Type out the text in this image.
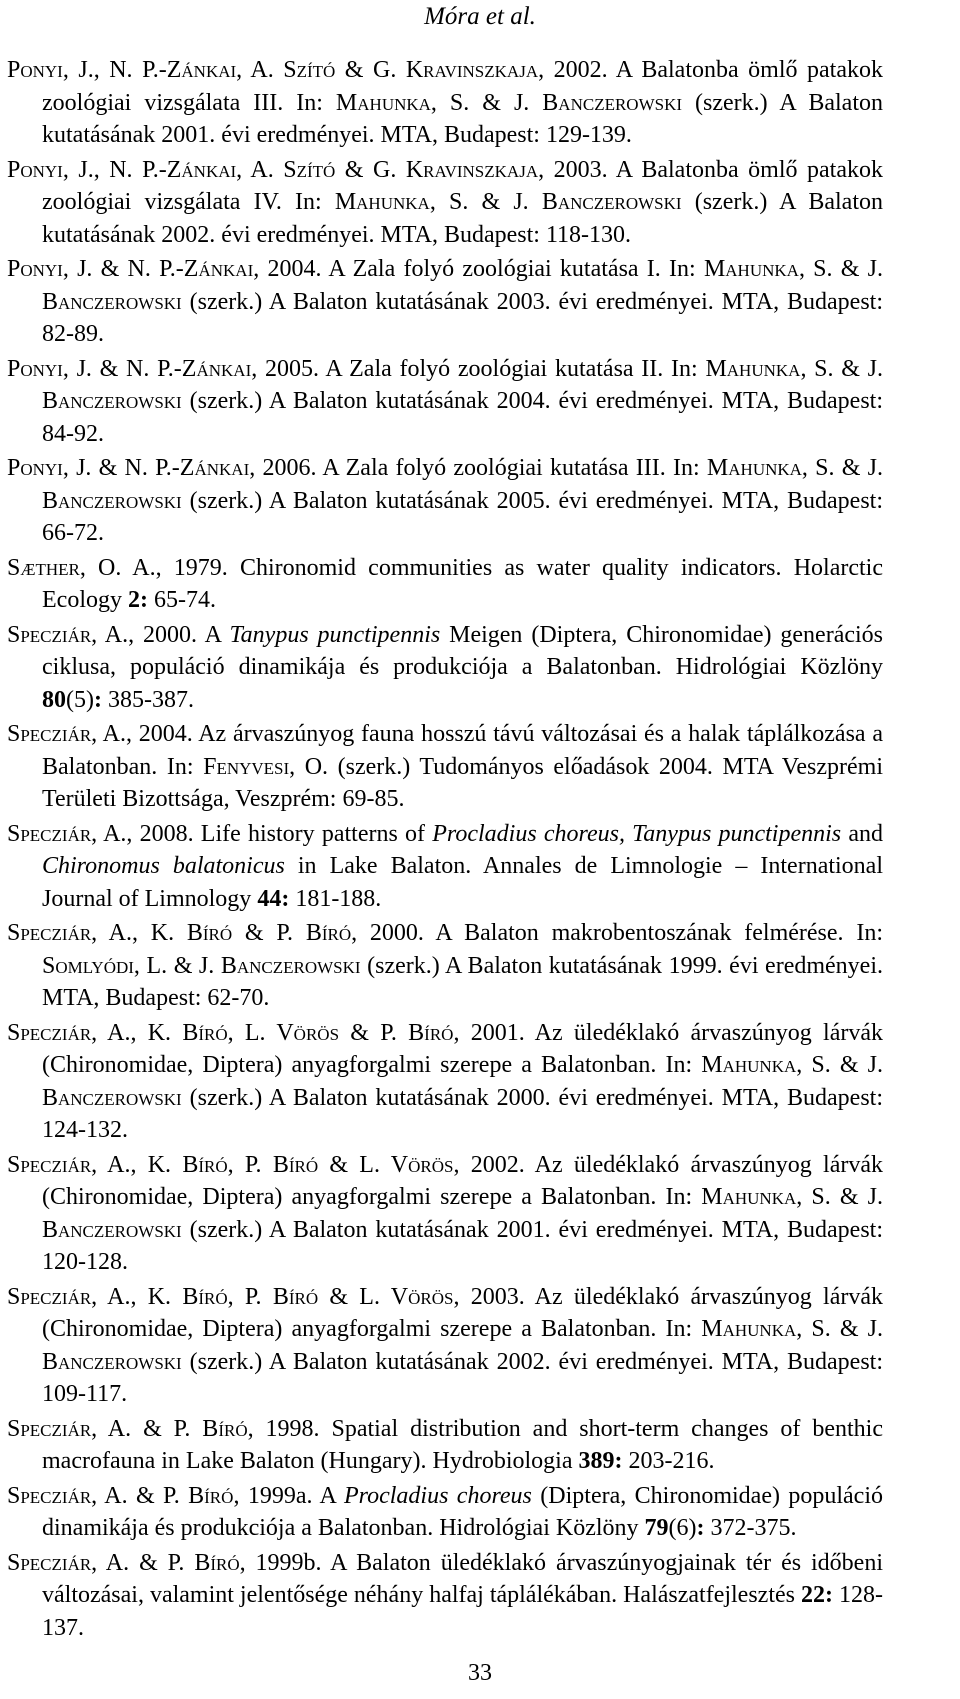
Móra et al.
Ponyi, J., N. P.-Zánkai, A. Szító & G. Kravinszkaja, 2002. A Balatonba ömlő patakok zoológiai vizsgálata III. In: Mahunka, S. & J. Banczerowski (szerk.) A Balaton kutatásának 2001. évi eredményei. MTA, Budapest: 129-139.
Ponyi, J., N. P.-Zánkai, A. Szító & G. Kravinszkaja, 2003. A Balatonba ömlő patakok zoológiai vizsgálata IV. In: Mahunka, S. & J. Banczerowski (szerk.) A Balaton kutatásának 2002. évi eredményei. MTA, Budapest: 118-130.
Ponyi, J. & N. P.-Zánkai, 2004. A Zala folyó zoológiai kutatása I. In: Mahunka, S. & J. Banczerowski (szerk.) A Balaton kutatásának 2003. évi eredményei. MTA, Budapest: 82-89.
Ponyi, J. & N. P.-Zánkai, 2005. A Zala folyó zoológiai kutatása II. In: Mahunka, S. & J. Banczerowski (szerk.) A Balaton kutatásának 2004. évi eredményei. MTA, Budapest: 84-92.
Ponyi, J. & N. P.-Zánkai, 2006. A Zala folyó zoológiai kutatása III. In: Mahunka, S. & J. Banczerowski (szerk.) A Balaton kutatásának 2005. évi eredményei. MTA, Budapest: 66-72.
Sæther, O. A., 1979. Chironomid communities as water quality indicators. Holarctic Ecology 2: 65-74.
Specziár, A., 2000. A Tanypus punctipennis Meigen (Diptera, Chironomidae) generációs ciklusa, populáció dinamikája és produkciója a Balatonban. Hidrológiai Közlöny 80(5): 385-387.
Specziár, A., 2004. Az árvaszúnyog fauna hosszú távú változásai és a halak táplálkozása a Balatonban. In: Fenyvesi, O. (szerk.) Tudományos előadások 2004. MTA Veszprémi Területi Bizottsága, Veszprém: 69-85.
Specziár, A., 2008. Life history patterns of Procladius choreus, Tanypus punctipennis and Chironomus balatonicus in Lake Balaton. Annales de Limnologie – International Journal of Limnology 44: 181-188.
Specziár, A., K. Bíró & P. Bíró, 2000. A Balaton makrobentoszának felmérése. In: Somlyódi, L. & J. Banczerowski (szerk.) A Balaton kutatásának 1999. évi eredményei. MTA, Budapest: 62-70.
Specziár, A., K. Bíró, L. Vörös & P. Bíró, 2001. Az üledéklakó árvaszúnyog lárvák (Chironomidae, Diptera) anyagforgalmi szerepe a Balatonban. In: Mahunka, S. & J. Banczerowski (szerk.) A Balaton kutatásának 2000. évi eredményei. MTA, Budapest: 124-132.
Specziár, A., K. Bíró, P. Bíró & L. Vörös, 2002. Az üledéklakó árvaszúnyog lárvák (Chironomidae, Diptera) anyagforgalmi szerepe a Balatonban. In: Mahunka, S. & J. Banczerowski (szerk.) A Balaton kutatásának 2001. évi eredményei. MTA, Budapest: 120-128.
Specziár, A., K. Bíró, P. Bíró & L. Vörös, 2003. Az üledéklakó árvaszúnyog lárvák (Chironomidae, Diptera) anyagforgalmi szerepe a Balatonban. In: Mahunka, S. & J. Banczerowski (szerk.) A Balaton kutatásának 2002. évi eredményei. MTA, Budapest: 109-117.
Specziár, A. & P. Bíró, 1998. Spatial distribution and short-term changes of benthic macrofauna in Lake Balaton (Hungary). Hydrobiologia 389: 203-216.
Specziár, A. & P. Bíró, 1999a. A Procladius choreus (Diptera, Chironomidae) populáció dinamikája és produkciója a Balatonban. Hidrológiai Közlöny 79(6): 372-375.
Specziár, A. & P. Bíró, 1999b. A Balaton üledéklakó árvaszúnyogjainak tér és időbeni változásai, valamint jelentősége néhány halfaj táplálékában. Halászatfejlesztés 22: 128-137.
33
